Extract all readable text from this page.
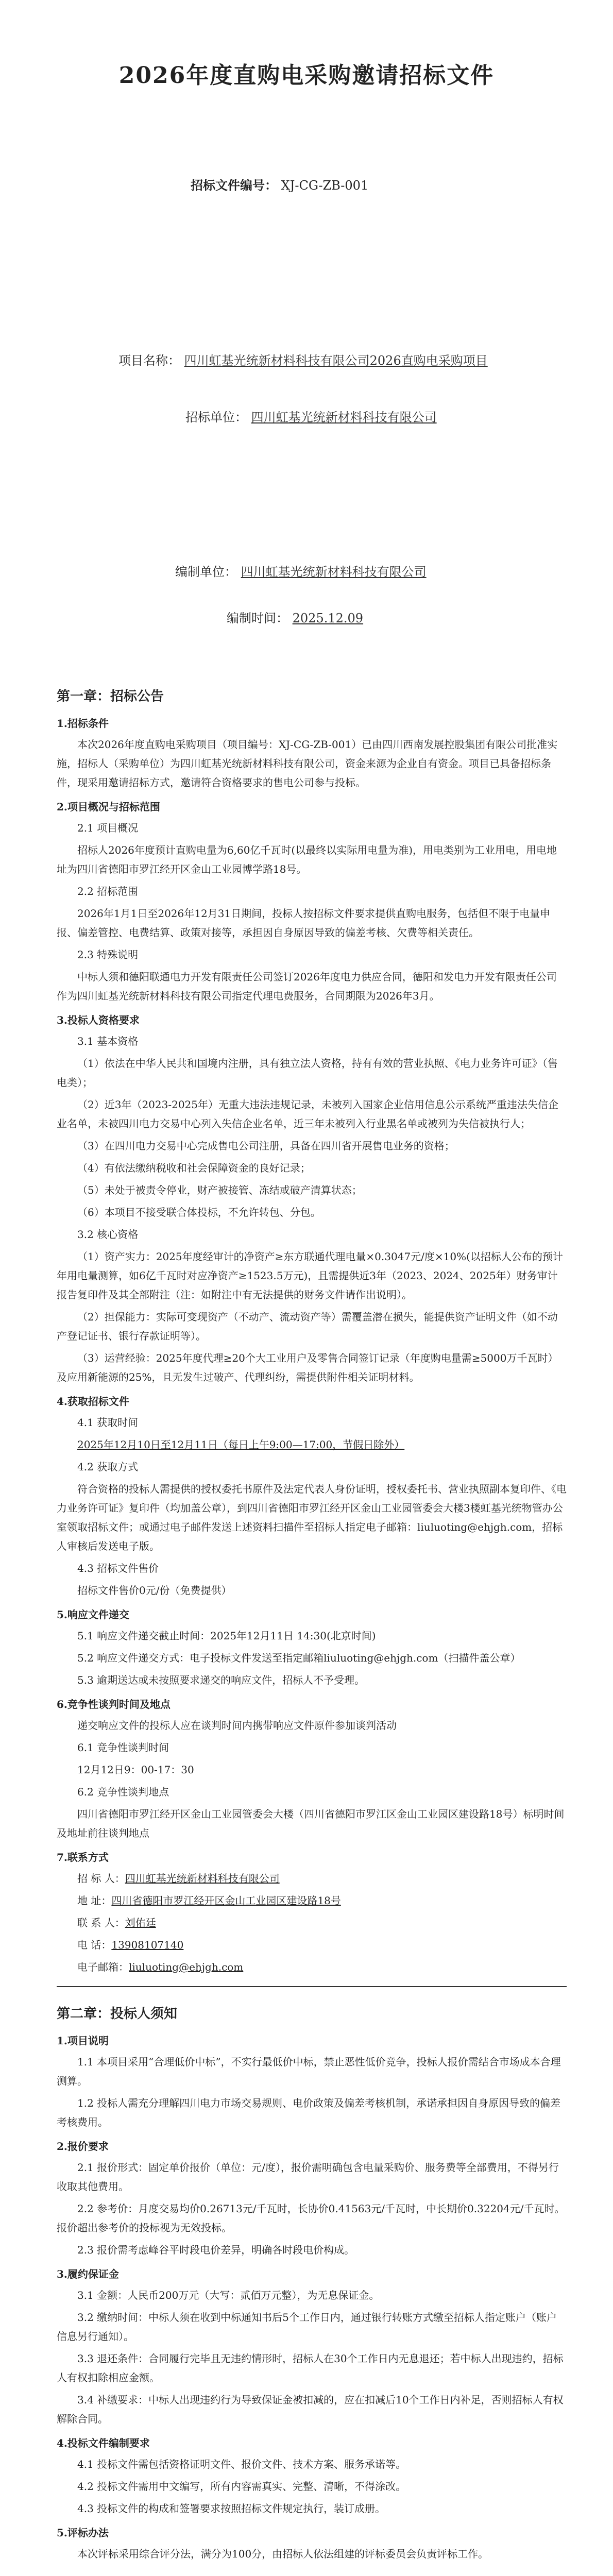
2026年度直购电采购邀请招标文件
招标文件编号： XJ-CG-ZB-001
项目名称： 四川虹基光统新材料科技有限公司2026直购电采购项目
招标单位： 四川虹基光统新材料科技有限公司
编制单位： 四川虹基光统新材料科技有限公司
编制时间： 2025.12.09
第一章：招标公告
1.招标条件

本次2026年度直购电采购项目（项目编号：XJ-CG-ZB-001）已由四川西南发展控股集团有限公司批准实施，招标人（采购单位）为四川虹基光统新材料科技有限公司，资金来源为企业自有资金。项目已具备招标条件，现采用邀请招标方式，邀请符合资格要求的售电公司参与投标。

2.项目概况与招标范围

2.1 项目概况

招标人2026年度预计直购电量为6,60亿千瓦时(以最终以实际用电量为准)，用电类别为工业用电，用电地址为四川省德阳市罗江经开区金山工业园博学路18号。

2.2 招标范围

2026年1月1日至2026年12月31日期间，投标人按招标文件要求提供直购电服务，包括但不限于电量申报、偏差管控、电费结算、政策对接等，承担因自身原因导致的偏差考核、欠费等相关责任。

2.3 特殊说明

中标人须和德阳联通电力开发有限责任公司签订2026年度电力供应合同，德阳和发电力开发有限责任公司作为四川虹基光统新材料科技有限公司指定代理电费服务，合同期限为2026年3月。

3.投标人资格要求

3.1 基本资格

（1）依法在中华人民共和国境内注册，具有独立法人资格，持有有效的营业执照、《电力业务许可证》（售电类）；

（2）近3年（2023-2025年）无重大违法违规记录，未被列入国家企业信用信息公示系统严重违法失信企业名单，未被四川电力交易中心列入失信企业名单，近三年未被列入行业黑名单或被列为失信被执行人；

（3）在四川电力交易中心完成售电公司注册，具备在四川省开展售电业务的资格；

（4）有依法缴纳税收和社会保障资金的良好记录；

（5）未处于被责令停业，财产被接管、冻结或破产清算状态；

（6）本项目不接受联合体投标，不允许转包、分包。

3.2 核心资格

（1）资产实力：2025年度经审计的净资产≥东方联通代理电量×0.3047元/度×10%(以招标人公布的预计年用电量测算，如6亿千瓦时对应净资产≥1523.5万元)，且需提供近3年（2023、2024、2025年）财务审计报告复印件及其全部附注（注：如附注中有无法提供的财务文件请作出说明）。

（2）担保能力：实际可变现资产（不动产、流动资产等）需覆盖潜在损失，能提供资产证明文件（如不动产登记证书、银行存款证明等）。

（3）运营经验：2025年度代理≥20个大工业用户及零售合同签订记录（年度购电量需≥5000万千瓦时）及应用新能源的25%，且无发生过破产、代理纠纷，需提供附件相关证明材料。

4.获取招标文件

4.1 获取时间

2025年12月10日至12月11日（每日上午9:00—17:00，节假日除外）

4.2 获取方式

符合资格的投标人需提供的授权委托书原件及法定代表人身份证明，授权委托书、营业执照副本复印件、《电力业务许可证》复印件（均加盖公章），到四川省德阳市罗江经开区金山工业园管委会大楼3楼虹基光统物管办公室领取招标文件；或通过电子邮件发送上述资料扫描件至招标人指定电子邮箱：liuluoting@ehjgh.com，招标人审核后发送电子版。

4.3 招标文件售价

招标文件售价0元/份（免费提供）

5.响应文件递交

5.1 响应文件递交截止时间：2025年12月11日 14:30(北京时间)

5.2 响应文件递交方式：电子投标文件发送至指定邮箱liuluoting@ehjgh.com（扫描件盖公章）

5.3 逾期送达或未按照要求递交的响应文件，招标人不予受理。

6.竞争性谈判时间及地点

递交响应文件的投标人应在谈判时间内携带响应文件原件参加谈判活动

6.1 竞争性谈判时间

12月12日9：00-17：30

6.2 竞争性谈判地点

四川省德阳市罗江经开区金山工业园管委会大楼（四川省德阳市罗江区金山工业园区建设路18号）标明时间及地址前往谈判地点

7.联系方式

招 标 人：四川虹基光统新材料科技有限公司

地 址：四川省德阳市罗江经开区金山工业园区建设路18号

联 系 人：刘佑廷

电 话：13908107140

电子邮箱：liuluoting@ehjgh.com

第二章：投标人须知
1.项目说明

1.1 本项目采用“合理低价中标”，不实行最低价中标，禁止恶性低价竞争，投标人报价需结合市场成本合理测算。

1.2 投标人需充分理解四川电力市场交易规则、电价政策及偏差考核机制，承诺承担因自身原因导致的偏差考核费用。

2.报价要求

2.1 报价形式：固定单价报价（单位：元/度），报价需明确包含电量采购价、服务费等全部费用，不得另行收取其他费用。

2.2 参考价：月度交易均价0.26713元/千瓦时，长协价0.41563元/千瓦时，中长期价0.32204元/千瓦时。报价超出参考价的投标视为无效投标。

2.3 报价需考虑峰谷平时段电价差异，明确各时段电价构成。

3.履约保证金

3.1 金额：人民币200万元（大写：贰佰万元整），为无息保证金。

3.2 缴纳时间：中标人须在收到中标通知书后5个工作日内，通过银行转账方式缴至招标人指定账户（账户信息另行通知）。

3.3 退还条件：合同履行完毕且无违约情形时，招标人在30个工作日内无息退还；若中标人出现违约，招标人有权扣除相应金额。

3.4 补缴要求：中标人出现违约行为导致保证金被扣减的，应在扣减后10个工作日内补足，否则招标人有权解除合同。

4.投标文件编制要求

4.1 投标文件需包括资格证明文件、报价文件、技术方案、服务承诺等。

4.2 投标文件需用中文编写，所有内容需真实、完整、清晰，不得涂改。

4.3 投标文件的构成和签署要求按照招标文件规定执行，装订成册。

5.评标办法

本次评标采用综合评分法，满分为100分，由招标人依法组建的评标委员会负责评标工作。
